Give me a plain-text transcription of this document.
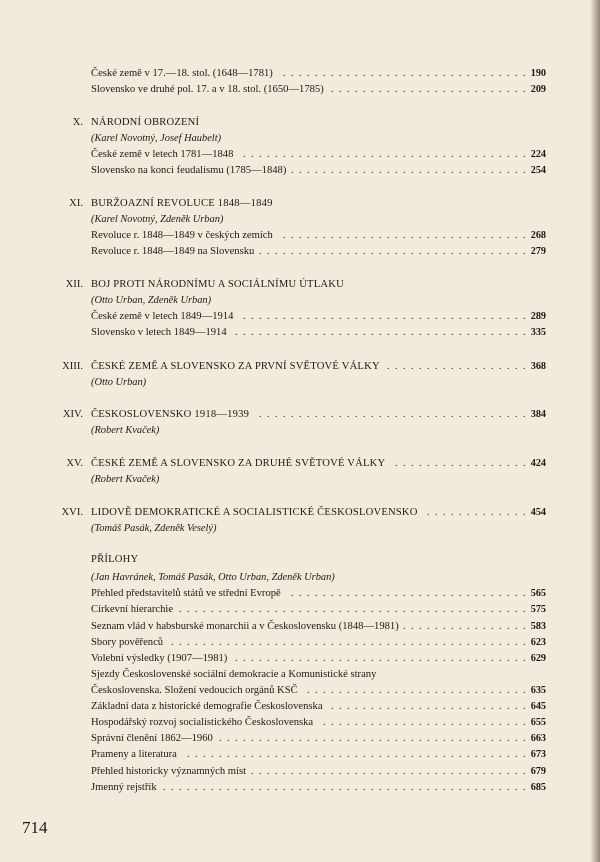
. . . České země v 17.—18. stol. (1648—1781)	190
. . . Slovensko ve druhé pol. 17. a v 18. stol. (1650—1785)	209
X. NÁRODNÍ OBROZENÍ
(Karel Novotný, Josef Haubelt)
. . . České země v letech 1781—1848	224
. . . Slovensko na konci feudalismu (1785—1848)	254
XI. BURŽOAZNÍ REVOLUCE 1848—1849
(Karel Novotný, Zdeněk Urban)
. . . Revoluce r. 1848—1849 v českých zemích	268
. . . Revoluce r. 1848—1849 na Slovensku	279
XII. BOJ PROTI NÁRODNÍMU A SOCIÁLNÍMU ÚTLAKU
(Otto Urban, Zdeněk Urban)
. . . České země v letech 1849—1914	289
. . . Slovensko v letech 1849—1914	335
XIII. . . . ČESKÉ ZEMĚ A SLOVENSKO ZA PRVNÍ SVĚTOVÉ VÁLKY	368
(Otto Urban)
XIV. . . . ČESKOSLOVENSKO 1918—1939	384
(Robert Kvaček)
XV. . . . ČESKÉ ZEMĚ A SLOVENSKO ZA DRUHÉ SVĚTOVÉ VÁLKY	424
(Robert Kvaček)
XVI. . . . LIDOVĚ DEMOKRATICKÉ A SOCIALISTICKÉ ČESKOSLOVENSKO	454
(Tomáš Pasák, Zdeněk Veselý)
PŘÍLOHY
(Jan Havránek, Tomáš Pasák, Otto Urban, Zdeněk Urban)
. . . Přehled představitelů států ve střední Evropě	565
. . . Církevní hierarchie	575
. . . Seznam vlád v habsburské monarchii a v Československu (1848—1981)	583
. . . Sbory pověřenců	623
. . . Volební výsledky (1907—1981)	629
Sjezdy Československé sociální demokracie a Komunistické strany
. . . Československa. Složení vedoucích orgánů KSČ	635
. . . Základní data z historické demografie Československa	645
. . . Hospodářský rozvoj socialistického Československa	655
. . . Správní členění 1862—1960	663
. . . Prameny a literatura	673
. . . Přehled historicky významných míst	679
. . . Jmenný rejstřík	685
714
